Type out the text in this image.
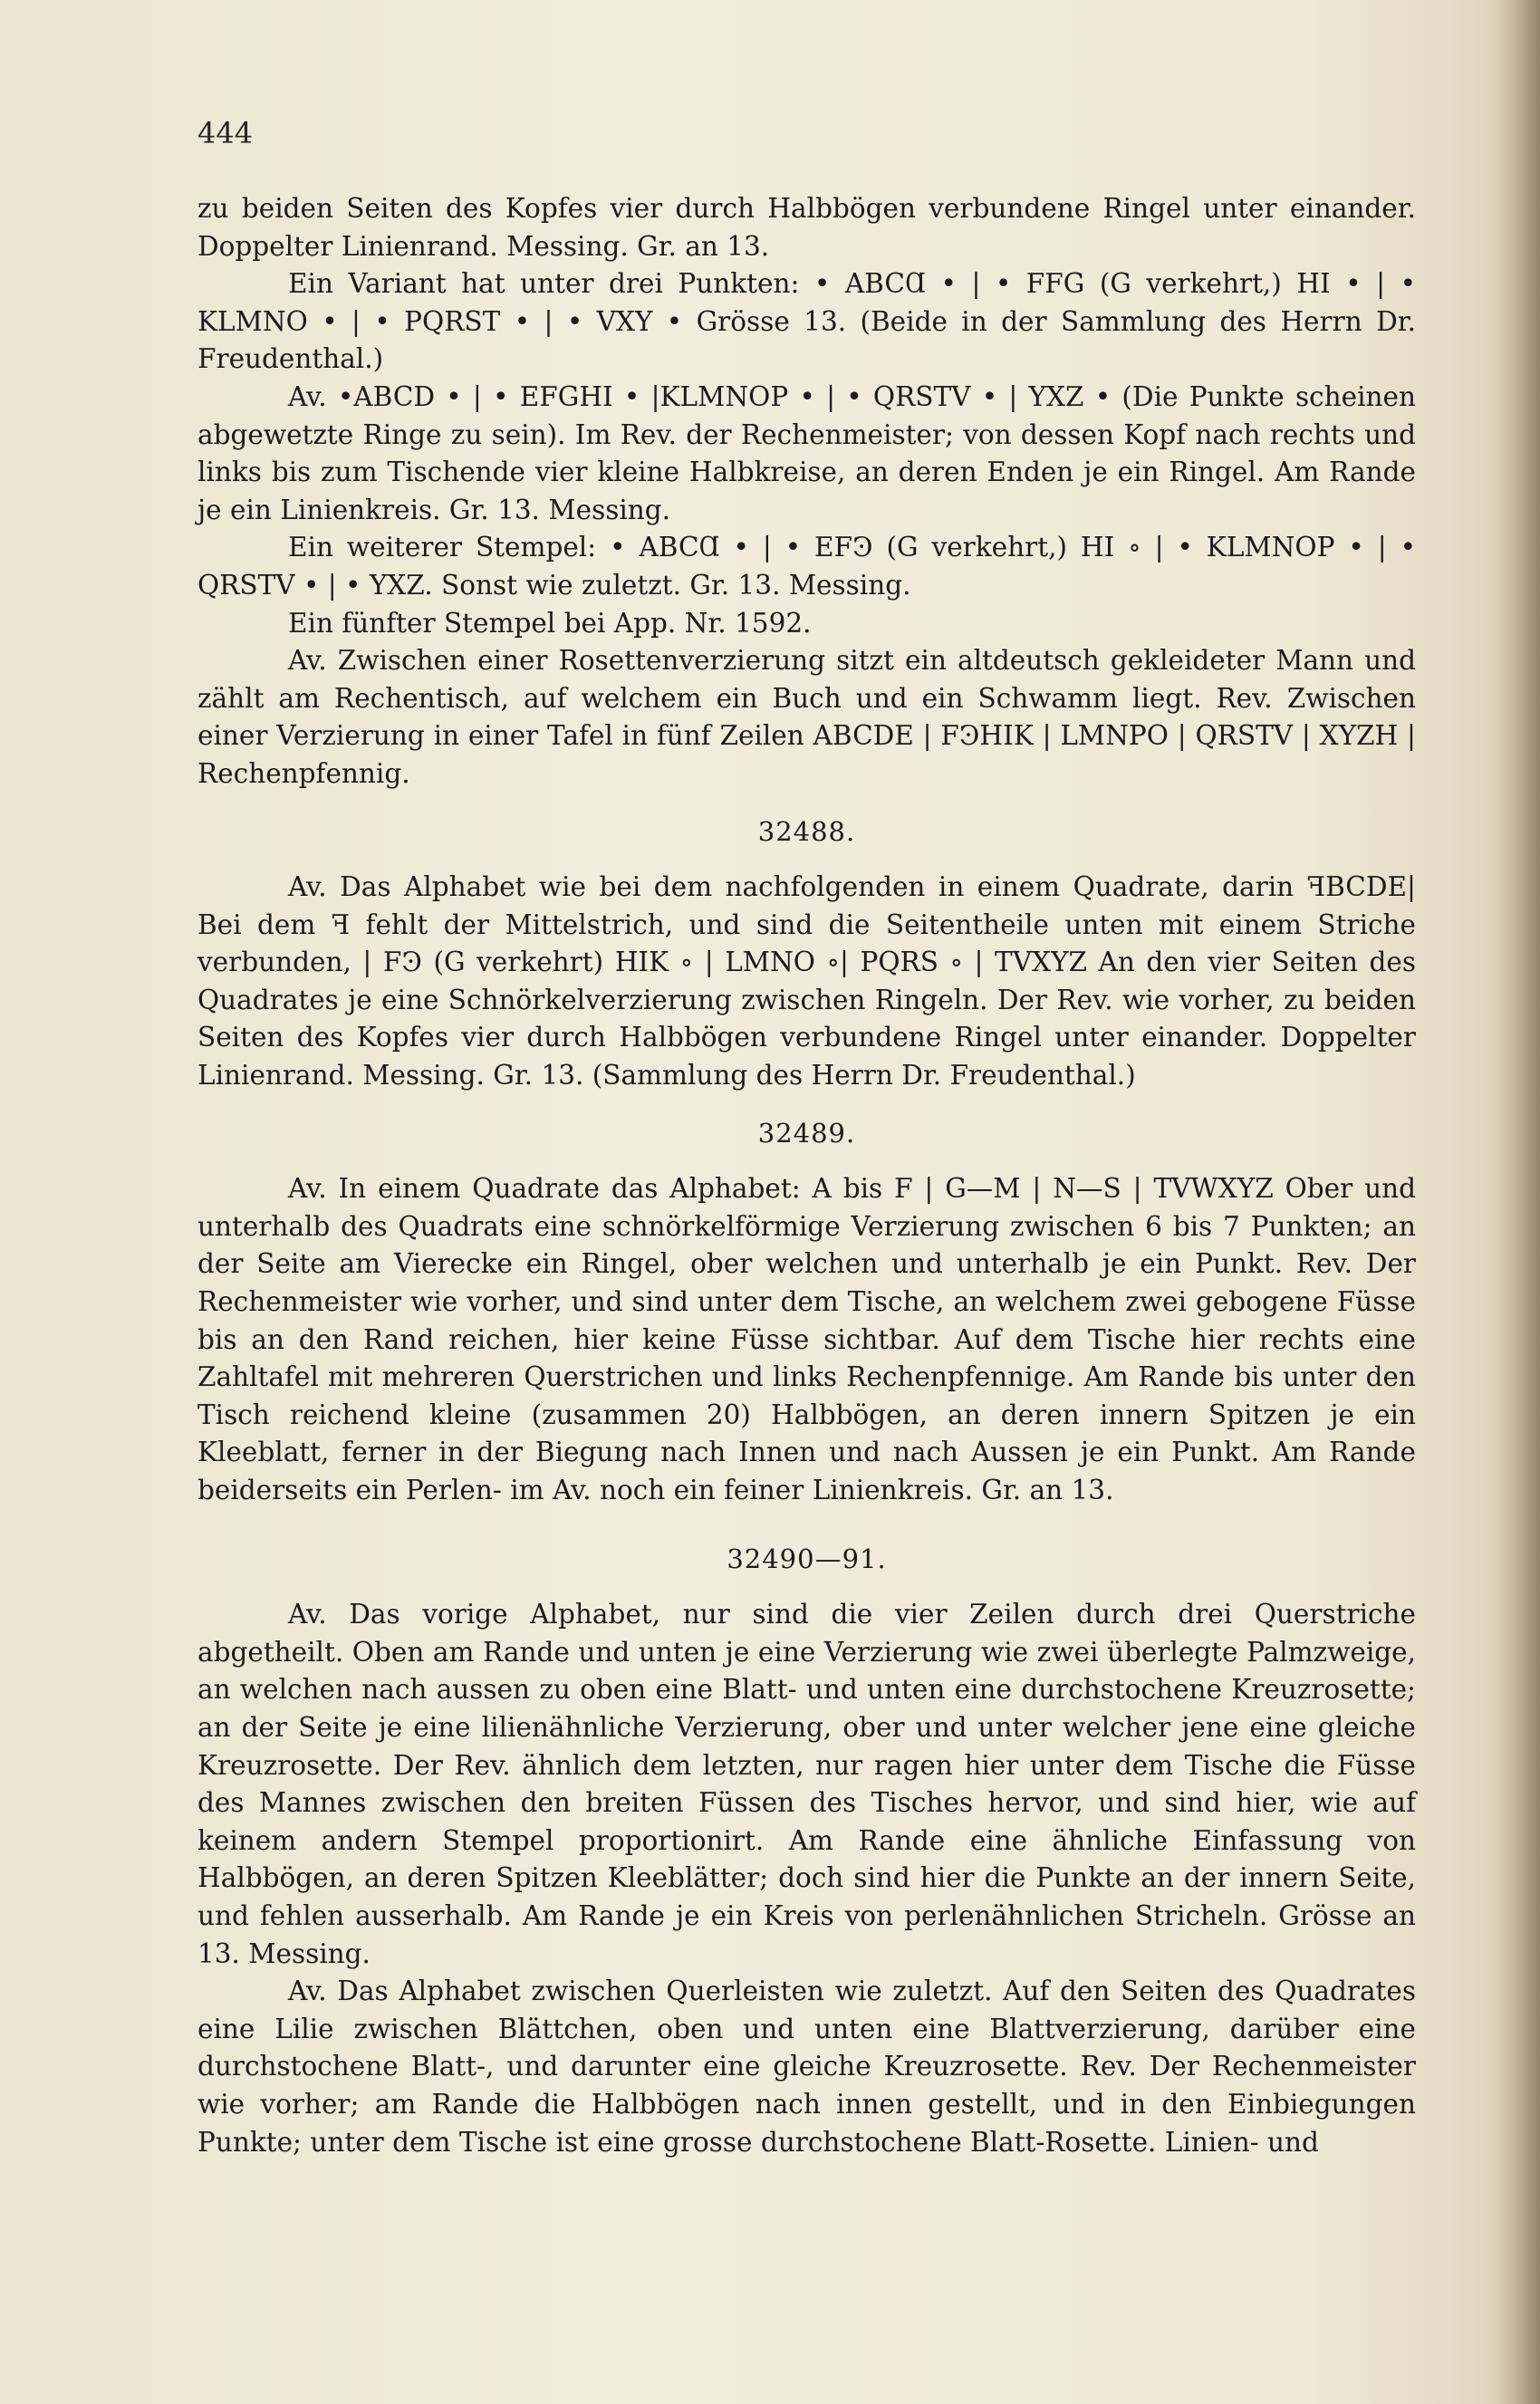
444

zu beiden Seiten des Kopfes vier durch Halbbögen verbundene Ringel unter einander. Doppelter Linienrand. Messing. Gr. an 13.

Ein Variant hat unter drei Punkten: • ABCⱭ • | • FFG (G verkehrt,) HI • | • KLMNO • | • PQRST • | • VXY • Grösse 13. (Beide in der Sammlung des Herrn Dr. Freudenthal.)

Av. •ABCD • | • EFGHI • |KLMNOP • | • QRSTV • | YXZ • (Die Punkte scheinen abgewetzte Ringe zu sein). Im Rev. der Rechenmeister; von dessen Kopf nach rechts und links bis zum Tischende vier kleine Halbkreise, an deren Enden je ein Ringel. Am Rande je ein Linienkreis. Gr. 13. Messing.

Ein weiterer Stempel: • ABCⱭ • | • EFϿ (G verkehrt,) HI ∘ | • KLMNOP • | • QRSTV • | • YXZ. Sonst wie zuletzt. Gr. 13. Messing.

Ein fünfter Stempel bei App. Nr. 1592.

Av. Zwischen einer Rosettenverzierung sitzt ein altdeutsch gekleideter Mann und zählt am Rechentisch, auf welchem ein Buch und ein Schwamm liegt. Rev. Zwischen einer Verzierung in einer Tafel in fünf Zeilen ABCDE | FϿHIK | LMNPO | QRSTV | XYZH | Rechenpfennig.

32488.

Av. Das Alphabet wie bei dem nachfolgenden in einem Quadrate, darin ꟻBCDE| Bei dem ꟻ fehlt der Mittelstrich, und sind die Seitentheile unten mit einem Striche verbunden, | FϿ (G verkehrt) HIK ∘ | LMNO ∘| PQRS ∘ | TVXYZ An den vier Seiten des Quadrates je eine Schnörkelverzierung zwischen Ringeln. Der Rev. wie vorher, zu beiden Seiten des Kopfes vier durch Halbbögen verbundene Ringel unter einander. Doppelter Linienrand. Messing. Gr. 13. (Sammlung des Herrn Dr. Freudenthal.)

32489.

Av. In einem Quadrate das Alphabet: A bis F | G—M | N—S | TVWXYZ Ober und unterhalb des Quadrats eine schnörkelförmige Verzierung zwischen 6 bis 7 Punkten; an der Seite am Vierecke ein Ringel, ober welchen und unterhalb je ein Punkt. Rev. Der Rechenmeister wie vorher, und sind unter dem Tische, an welchem zwei gebogene Füsse bis an den Rand reichen, hier keine Füsse sichtbar. Auf dem Tische hier rechts eine Zahltafel mit mehreren Querstrichen und links Rechenpfennige. Am Rande bis unter den Tisch reichend kleine (zusammen 20) Halbbögen, an deren innern Spitzen je ein Kleeblatt, ferner in der Biegung nach Innen und nach Aussen je ein Punkt. Am Rande beiderseits ein Perlen- im Av. noch ein feiner Linienkreis. Gr. an 13.

32490—91.

Av. Das vorige Alphabet, nur sind die vier Zeilen durch drei Querstriche abgetheilt. Oben am Rande und unten je eine Verzierung wie zwei überlegte Palmzweige, an welchen nach aussen zu oben eine Blatt- und unten eine durchstochene Kreuzrosette; an der Seite je eine lilienähnliche Verzierung, ober und unter welcher jene eine gleiche Kreuzrosette. Der Rev. ähnlich dem letzten, nur ragen hier unter dem Tische die Füsse des Mannes zwischen den breiten Füssen des Tisches hervor, und sind hier, wie auf keinem andern Stempel proportionirt. Am Rande eine ähnliche Einfassung von Halbbögen, an deren Spitzen Kleeblätter; doch sind hier die Punkte an der innern Seite, und fehlen ausserhalb. Am Rande je ein Kreis von perlenähnlichen Stricheln. Grösse an 13. Messing.

Av. Das Alphabet zwischen Querleisten wie zuletzt. Auf den Seiten des Quadrates eine Lilie zwischen Blättchen, oben und unten eine Blattverzierung, darüber eine durchstochene Blatt-, und darunter eine gleiche Kreuzrosette. Rev. Der Rechenmeister wie vorher; am Rande die Halbbögen nach innen gestellt, und in den Einbiegungen Punkte; unter dem Tische ist eine grosse durchstochene Blatt-Rosette. Linien- und
